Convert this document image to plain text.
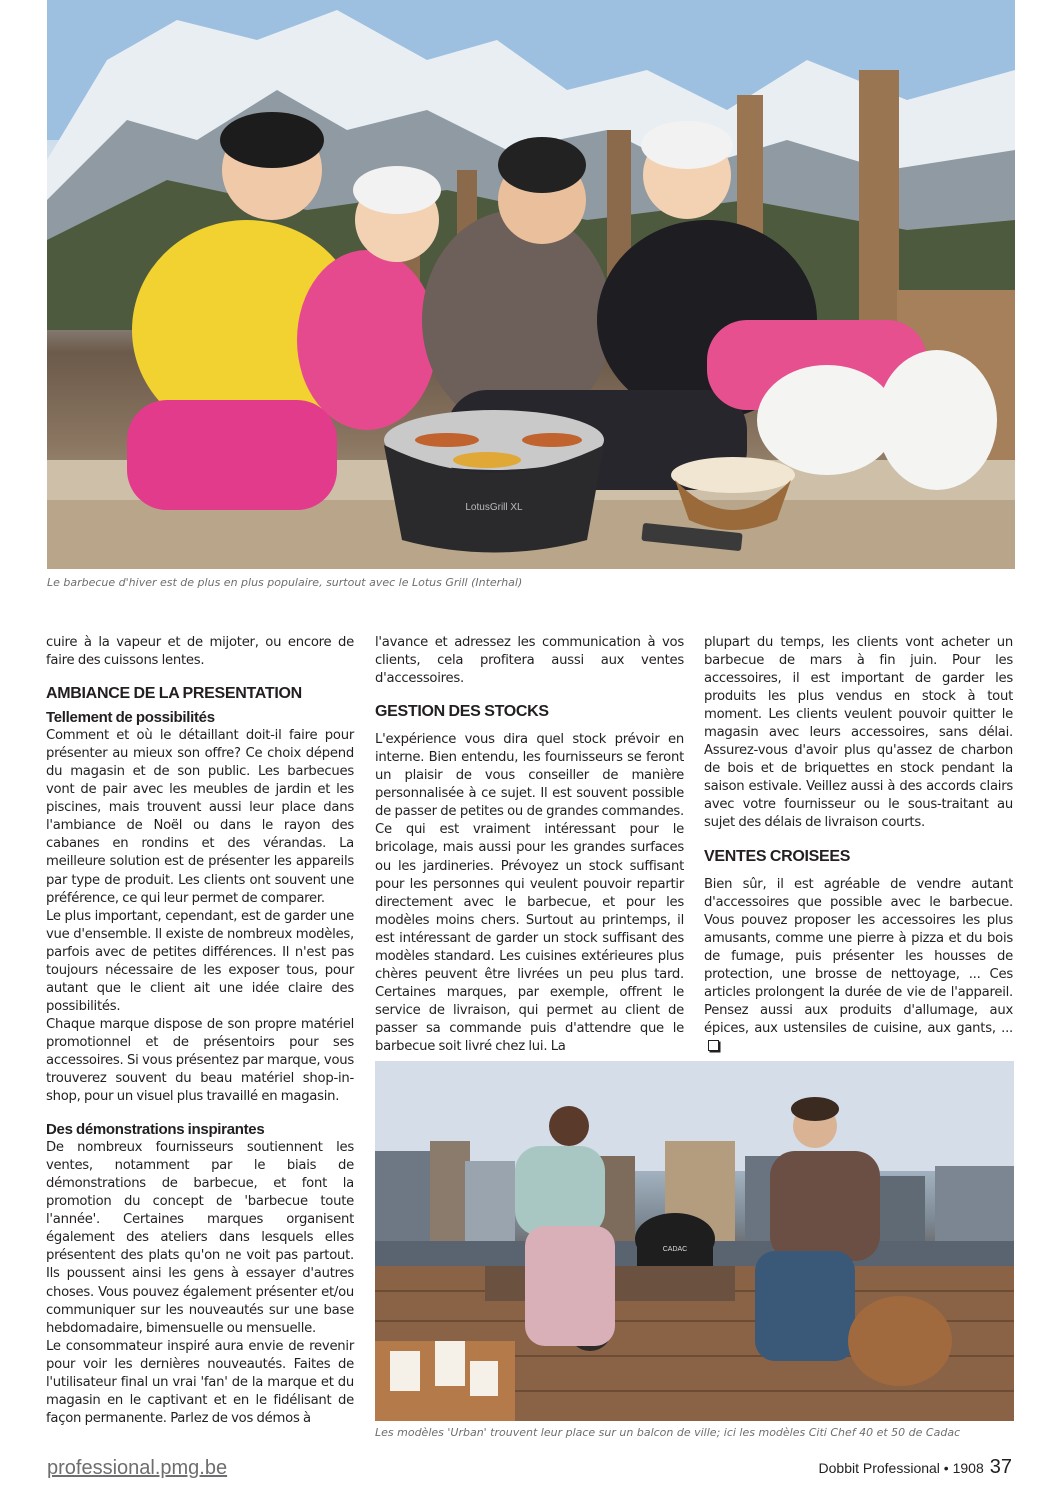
LotusGrill XL
Le barbecue d'hiver est de plus en plus populaire, surtout avec le Lotus Grill (Interhal)

cuire à la vapeur et de mijoter, ou encore de faire des cuissons lentes.

AMBIANCE DE LA PRESENTATION
Tellement de possibilités

Comment et où le détaillant doit-il faire pour présenter au mieux son offre? Ce choix dépend du magasin et de son public. Les barbecues vont de pair avec les meubles de jardin et les piscines, mais trouvent aussi leur place dans l'ambiance de Noël ou dans le rayon des cabanes en rondins et des vérandas. La meilleure solution est de présenter les appareils par type de produit. Les clients ont souvent une préférence, ce qui leur permet de comparer.

Le plus important, cependant, est de garder une vue d'ensemble. Il existe de nombreux modèles, parfois avec de petites différences. Il n'est pas toujours nécessaire de les exposer tous, pour autant que le client ait une idée claire des possibilités.

Chaque marque dispose de son propre matériel promotionnel et de présentoirs pour ses accessoires. Si vous présentez par marque, vous trouverez souvent du beau matériel shop-in-shop, pour un visuel plus travaillé en magasin.

Des démonstrations inspirantes

De nombreux fournisseurs soutiennent les ventes, notamment par le biais de démonstrations de barbecue, et font la promotion du concept de 'barbecue toute l'année'. Certaines marques organisent également des ateliers dans lesquels elles présentent des plats qu'on ne voit pas partout. Ils poussent ainsi les gens à essayer d'autres choses. Vous pouvez également présenter et/ou communiquer sur les nouveautés sur une base hebdomadaire, bimensuelle ou mensuelle.

Le consommateur inspiré aura envie de revenir pour voir les dernières nouveautés. Faites de l'utilisateur final un vrai 'fan' de la marque et du magasin en le captivant et en le fidélisant de façon permanente. Parlez de vos démos à

l'avance et adressez les communication à vos clients, cela profitera aussi aux ventes d'accessoires.

GESTION DES STOCKS

L'expérience vous dira quel stock prévoir en interne. Bien entendu, les fournisseurs se feront un plaisir de vous conseiller de manière personnalisée à ce sujet. Il est souvent possible de passer de petites ou de grandes commandes. Ce qui est vraiment intéressant pour le bricolage, mais aussi pour les grandes surfaces ou les jardineries. Prévoyez un stock suffisant pour les personnes qui veulent pouvoir repartir directement avec le barbecue, et pour les modèles moins chers. Surtout au printemps, il est intéressant de garder un stock suffisant des modèles standard. Les cuisines extérieures plus chères peuvent être livrées un peu plus tard. Certaines marques, par exemple, offrent le service de livraison, qui permet au client de passer sa commande puis d'attendre que le barbecue soit livré chez lui. La

plupart du temps, les clients vont acheter un barbecue de mars à fin juin. Pour les accessoires, il est important de garder les produits les plus vendus en stock à tout moment. Les clients veulent pouvoir quitter le magasin avec leurs accessoires, sans délai. Assurez-vous d'avoir plus qu'assez de charbon de bois et de briquettes en stock pendant la saison estivale. Veillez aussi à des accords clairs avec votre fournisseur ou le sous-traitant au sujet des délais de livraison courts.

VENTES CROISEES

Bien sûr, il est agréable de vendre autant d'accessoires que possible avec le barbecue. Vous pouvez proposer les accessoires les plus amusants, comme une pierre à pizza et du bois de fumage, puis présenter les housses de protection, une brosse de nettoyage, ... Ces articles prolongent la durée de vie de l'appareil. Pensez aussi aux produits d'allumage, aux épices, aux ustensiles de cuisine, aux gants, ...

CADAC
Les modèles 'Urban' trouvent leur place sur un balcon de ville; ici les modèles Citi Chef 40 et 50 de Cadac
professional.pmg.be	Dobbit Professional • 1908 37
